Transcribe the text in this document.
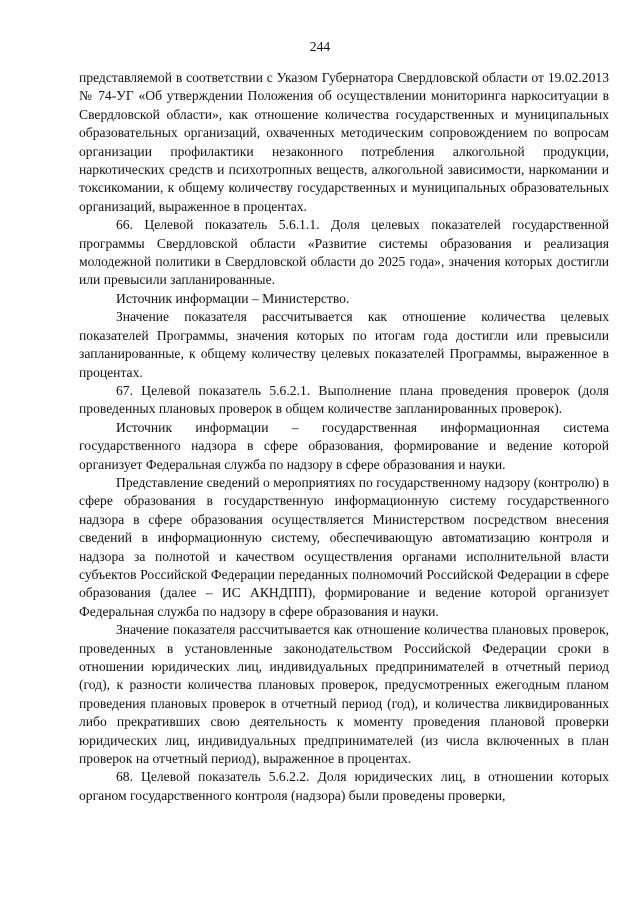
244

представляемой в соответствии с Указом Губернатора Свердловской области от 19.02.2013 № 74-УГ «Об утверждении Положения об осуществлении мониторинга наркоситуации в Свердловской области», как отношение количества государственных и муниципальных образовательных организаций, охваченных методическим сопровождением по вопросам организации профилактики незаконного потребления алкогольной продукции, наркотических средств и психотропных веществ, алкогольной зависимости, наркомании и токсикомании, к общему количеству государственных и муниципальных образовательных организаций, выраженное в процентах.

66. Целевой показатель 5.6.1.1. Доля целевых показателей государственной программы Свердловской области «Развитие системы образования и реализация молодежной политики в Свердловской области до 2025 года», значения которых достигли или превысили запланированные.

Источник информации – Министерство.

Значение показателя рассчитывается как отношение количества целевых показателей Программы, значения которых по итогам года достигли или превысили запланированные, к общему количеству целевых показателей Программы, выраженное в процентах.

67. Целевой показатель 5.6.2.1. Выполнение плана проведения проверок (доля проведенных плановых проверок в общем количестве запланированных проверок).

Источник информации – государственная информационная система государственного надзора в сфере образования, формирование и ведение которой организует Федеральная служба по надзору в сфере образования и науки.

Представление сведений о мероприятиях по государственному надзору (контролю) в сфере образования в государственную информационную систему государственного надзора в сфере образования осуществляется Министерством посредством внесения сведений в информационную систему, обеспечивающую автоматизацию контроля и надзора за полнотой и качеством осуществления органами исполнительной власти субъектов Российской Федерации переданных полномочий Российской Федерации в сфере образования (далее – ИС АКНДПП), формирование и ведение которой организует Федеральная служба по надзору в сфере образования и науки.

Значение показателя рассчитывается как отношение количества плановых проверок, проведенных в установленные законодательством Российской Федерации сроки в отношении юридических лиц, индивидуальных предпринимателей в отчетный период (год), к разности количества плановых проверок, предусмотренных ежегодным планом проведения плановых проверок в отчетный период (год), и количества ликвидированных либо прекративших свою деятельность к моменту проведения плановой проверки юридических лиц, индивидуальных предпринимателей (из числа включенных в план проверок на отчетный период), выраженное в процентах.

68. Целевой показатель 5.6.2.2. Доля юридических лиц, в отношении которых органом государственного контроля (надзора) были проведены проверки,
